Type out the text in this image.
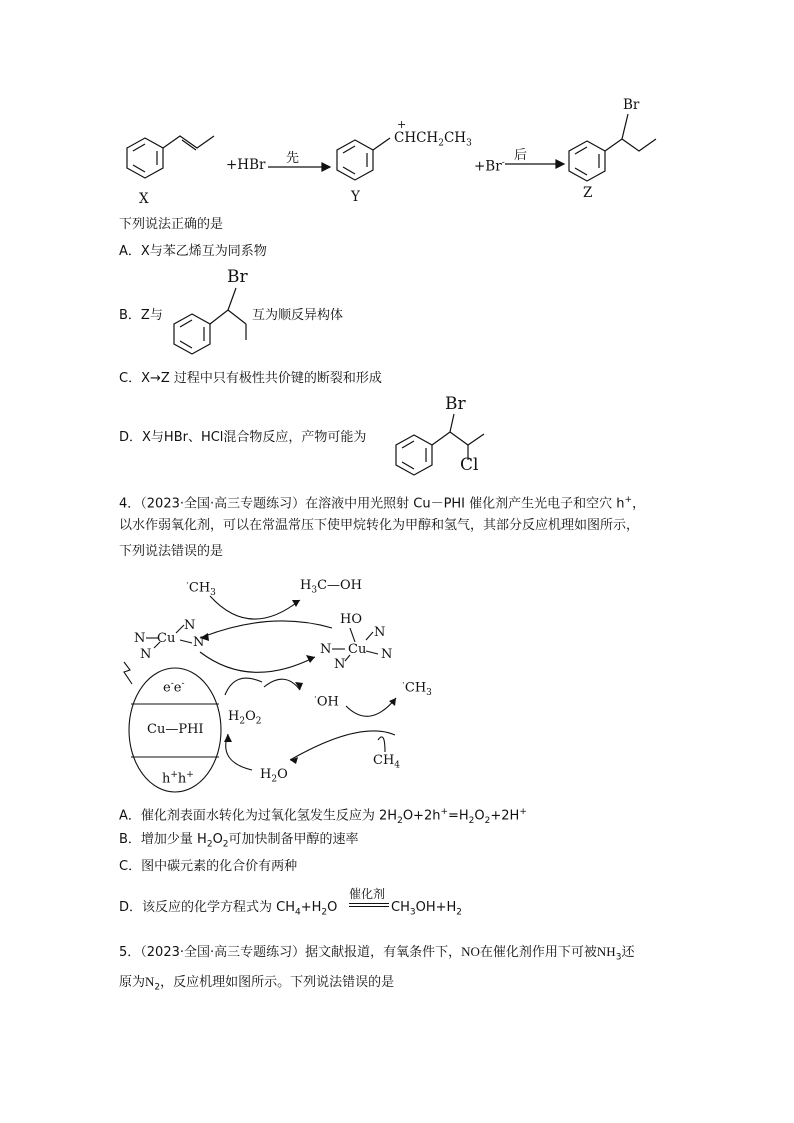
X
+HBr 先
Y
+
$CHCH_2CH_3$
+Br- 后
Z
Br
下列说法正确的是
A．X与苯乙烯互为同系物
B．Z与
Br
互为顺反异构体
C．X→Z 过程中只有极性共价键的断裂和形成
D．X与HBr、HCl混合物反应，产物可能为
Br
Cl
4．（2023·全国·高三专题练习）在溶液中用光照射 Cu－PHI 催化剂产生光电子和空穴 h+，
以水作弱氧化剂，可以在常温常压下使甲烷转化为甲醇和氢气，其部分反应机理如图所示，
下列说法错误的是
$^\cdot CH_3$	$H_3C—OH$
HO
N
N
Cu
N
N	N
N
Cu
N
N
e-e-
Cu—PHI
h+h+
$H_2O_2$
·OH
$^\cdot CH_3$
$CH_4$
$H_2O$
A．催化剂表面水转化为过氧化氢发生反应为 $2H_2O+2h^+=H_2O_2+2H^+$
B．增加少量 $H_2O_2$可加快制备甲醇的速率
C．图中碳元素的化合价有两种
催化剂
D．该反应的化学方程式为 $CH_4+H_2O$	$CH_3OH+H_2$
5．（2023·全国·高三专题练习）据文献报道，有氧条件下，NO在催化剂作用下可被$NH_3$还
原为$N_2$，反应机理如图所示。下列说法错误的是
